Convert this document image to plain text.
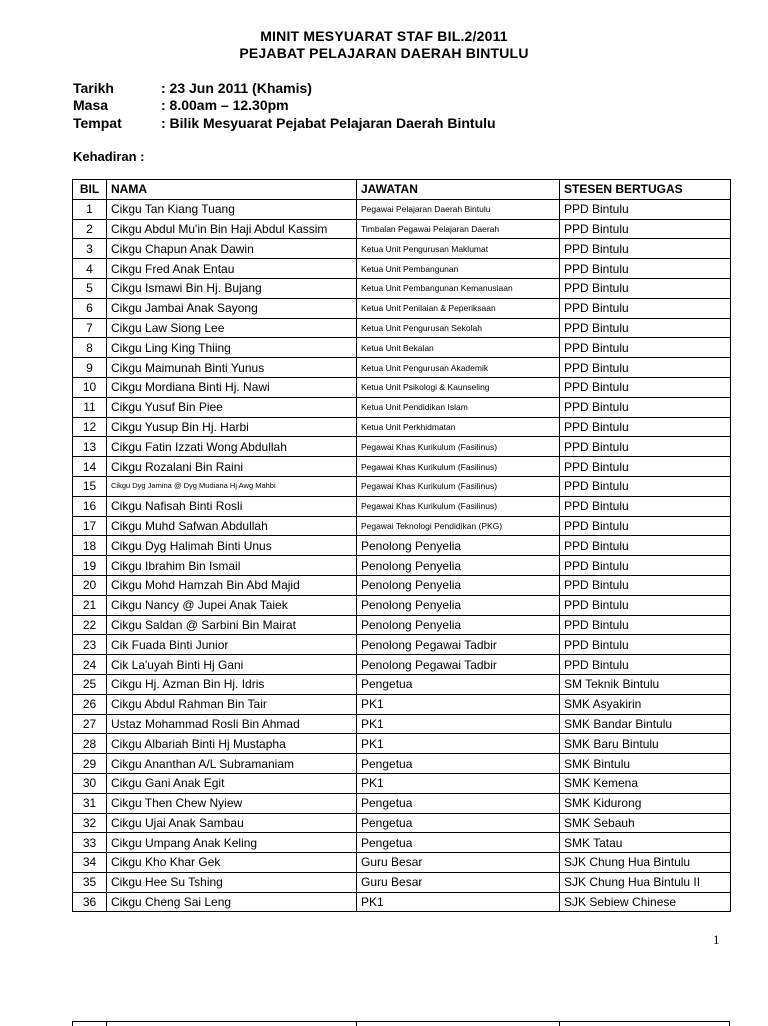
MINIT MESYUARAT STAF BIL.2/2011
PEJABAT PELAJARAN DAERAH BINTULU
Tarikh	: 23 Jun 2011 (Khamis)
Masa	: 8.00am – 12.30pm
Tempat	: Bilik Mesyuarat Pejabat Pelajaran Daerah Bintulu
Kehadiran :
BIL	NAMA	JAWATAN	STESEN BERTUGAS
1	Cikgu Tan Kiang Tuang	Pegawai Pelajaran Daerah Bintulu	PPD Bintulu
2	Cikgu Abdul Mu'in Bin Haji Abdul Kassim	Timbalan Pegawai Pelajaran Daerah	PPD Bintulu
3	Cikgu Chapun Anak Dawin	Ketua Unit Pengurusan Maklumat	PPD Bintulu
4	Cikgu Fred Anak Entau	Ketua Unit Pembangunan	PPD Bintulu
5	Cikgu Ismawi Bin Hj. Bujang	Ketua Unit Pembangunan Kemanusiaan	PPD Bintulu
6	Cikgu Jambai Anak Sayong	Ketua Unit Penilaian & Peperiksaan	PPD Bintulu
7	Cikgu Law Siong Lee	Ketua Unit Pengurusan Sekolah	PPD Bintulu
8	Cikgu Ling King Thiing	Ketua Unit Bekalan	PPD Bintulu
9	Cikgu Maimunah Binti Yunus	Ketua Unit Pengurusan Akademik	PPD Bintulu
10	Cikgu Mordiana Binti Hj. Nawi	Ketua Unit Psikologi & Kaunseling	PPD Bintulu
11	Cikgu Yusuf Bin Piee	Ketua Unit Pendidikan Islam	PPD Bintulu
12	Cikgu Yusup Bin Hj. Harbi	Ketua Unit Perkhidmatan	PPD Bintulu
13	Cikgu Fatin Izzati Wong Abdullah	Pegawai Khas Kurikulum (Fasilinus)	PPD Bintulu
14	Cikgu Rozalani Bin Raini	Pegawai Khas Kurikulum (Fasilinus)	PPD Bintulu
15	Cikgu Dyg Jamina @ Dyg Mudiana Hj Awg Mahbi	Pegawai Khas Kurikulum (Fasilinus)	PPD Bintulu
16	Cikgu Nafisah Binti Rosli	Pegawai Khas Kurikulum (Fasilinus)	PPD Bintulu
17	Cikgu Muhd Safwan Abdullah	Pegawai Teknologi Pendidikan (PKG)	PPD Bintulu
18	Cikgu Dyg Halimah Binti Unus	Penolong Penyelia	PPD Bintulu
19	Cikgu Ibrahim Bin Ismail	Penolong Penyelia	PPD Bintulu
20	Cikgu Mohd Hamzah Bin Abd Majid	Penolong Penyelia	PPD Bintulu
21	Cikgu Nancy @ Jupei Anak Taiek	Penolong Penyelia	PPD Bintulu
22	Cikgu Saldan @ Sarbini Bin Mairat	Penolong Penyelia	PPD Bintulu
23	Cik Fuada Binti Junior	Penolong Pegawai Tadbir	PPD Bintulu
24	Cik La'uyah Binti Hj Gani	Penolong Pegawai Tadbir	PPD Bintulu
25	Cikgu Hj. Azman Bin Hj. Idris	Pengetua	SM Teknik Bintulu
26	Cikgu Abdul Rahman Bin Tair	PK1	SMK Asyakirin
27	Ustaz Mohammad Rosli Bin Ahmad	PK1	SMK Bandar Bintulu
28	Cikgu Albariah Binti Hj Mustapha	PK1	SMK Baru Bintulu
29	Cikgu Ananthan A/L Subramaniam	Pengetua	SMK Bintulu
30	Cikgu Gani Anak Egit	PK1	SMK Kemena
31	Cikgu Then Chew Nyiew	Pengetua	SMK Kidurong
32	Cikgu Ujai Anak Sambau	Pengetua	SMK Sebauh
33	Cikgu Umpang Anak Keling	Pengetua	SMK Tatau
34	Cikgu Kho Khar Gek	Guru Besar	SJK Chung Hua Bintulu
35	Cikgu Hee Su Tshing	Guru Besar	SJK Chung Hua Bintulu II
36	Cikgu Cheng Sai Leng	PK1	SJK Sebiew Chinese
1
